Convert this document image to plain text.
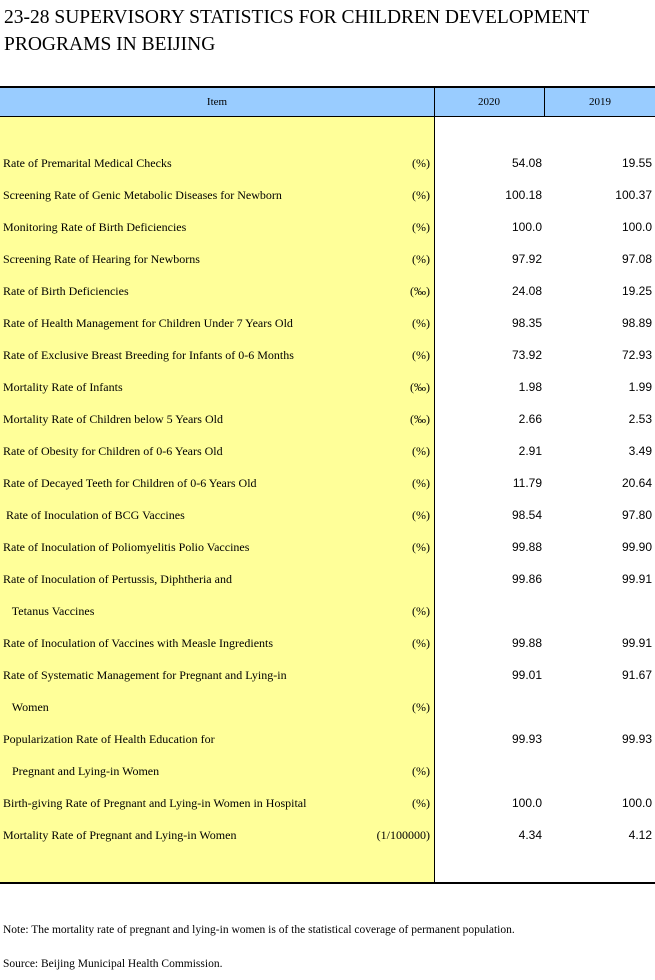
23-28 SUPERVISORY STATISTICS FOR CHILDREN DEVELOPMENT PROGRAMS IN BEIJING
Item	2020	2019
Rate of Premarital Medical Checks	(%)	54.08	19.55
Screening Rate of Genic Metabolic Diseases for Newborn	(%)	100.18	100.37
Monitoring Rate of Birth Deficiencies	(%)	100.0	100.0
Screening Rate of Hearing for Newborns	(%)	97.92	97.08
Rate of Birth Deficiencies	(‰)	24.08	19.25
Rate of Health Management for Children Under 7 Years Old	(%)	98.35	98.89
Rate of Exclusive Breast Breeding for Infants of 0-6 Months	(%)	73.92	72.93
Mortality Rate of Infants	(‰)	1.98	1.99
Mortality Rate of Children below 5 Years Old	(‰)	2.66	2.53
Rate of Obesity for Children of 0-6 Years Old	(%)	2.91	3.49
Rate of Decayed Teeth for Children of 0-6 Years Old	(%)	11.79	20.64
Rate of Inoculation of BCG Vaccines	(%)	98.54	97.80
Rate of Inoculation of Poliomyelitis Polio Vaccines	(%)	99.88	99.90
Rate of Inoculation of Pertussis, Diphtheria and	99.86	99.91
Tetanus Vaccines	(%)
Rate of Inoculation of Vaccines with Measle Ingredients	(%)	99.88	99.91
Rate of Systematic Management for Pregnant and Lying-in	99.01	91.67
Women	(%)
Popularization Rate of Health Education for	99.93	99.93
Pregnant and Lying-in Women	(%)
Birth-giving Rate of Pregnant and Lying-in Women in Hospital	(%)	100.0	100.0
Mortality Rate of Pregnant and Lying-in Women	(1/100000)	4.34	4.12
Note: The mortality rate of pregnant and lying-in women is of the statistical coverage of permanent population.
Source: Beijing Municipal Health Commission.
